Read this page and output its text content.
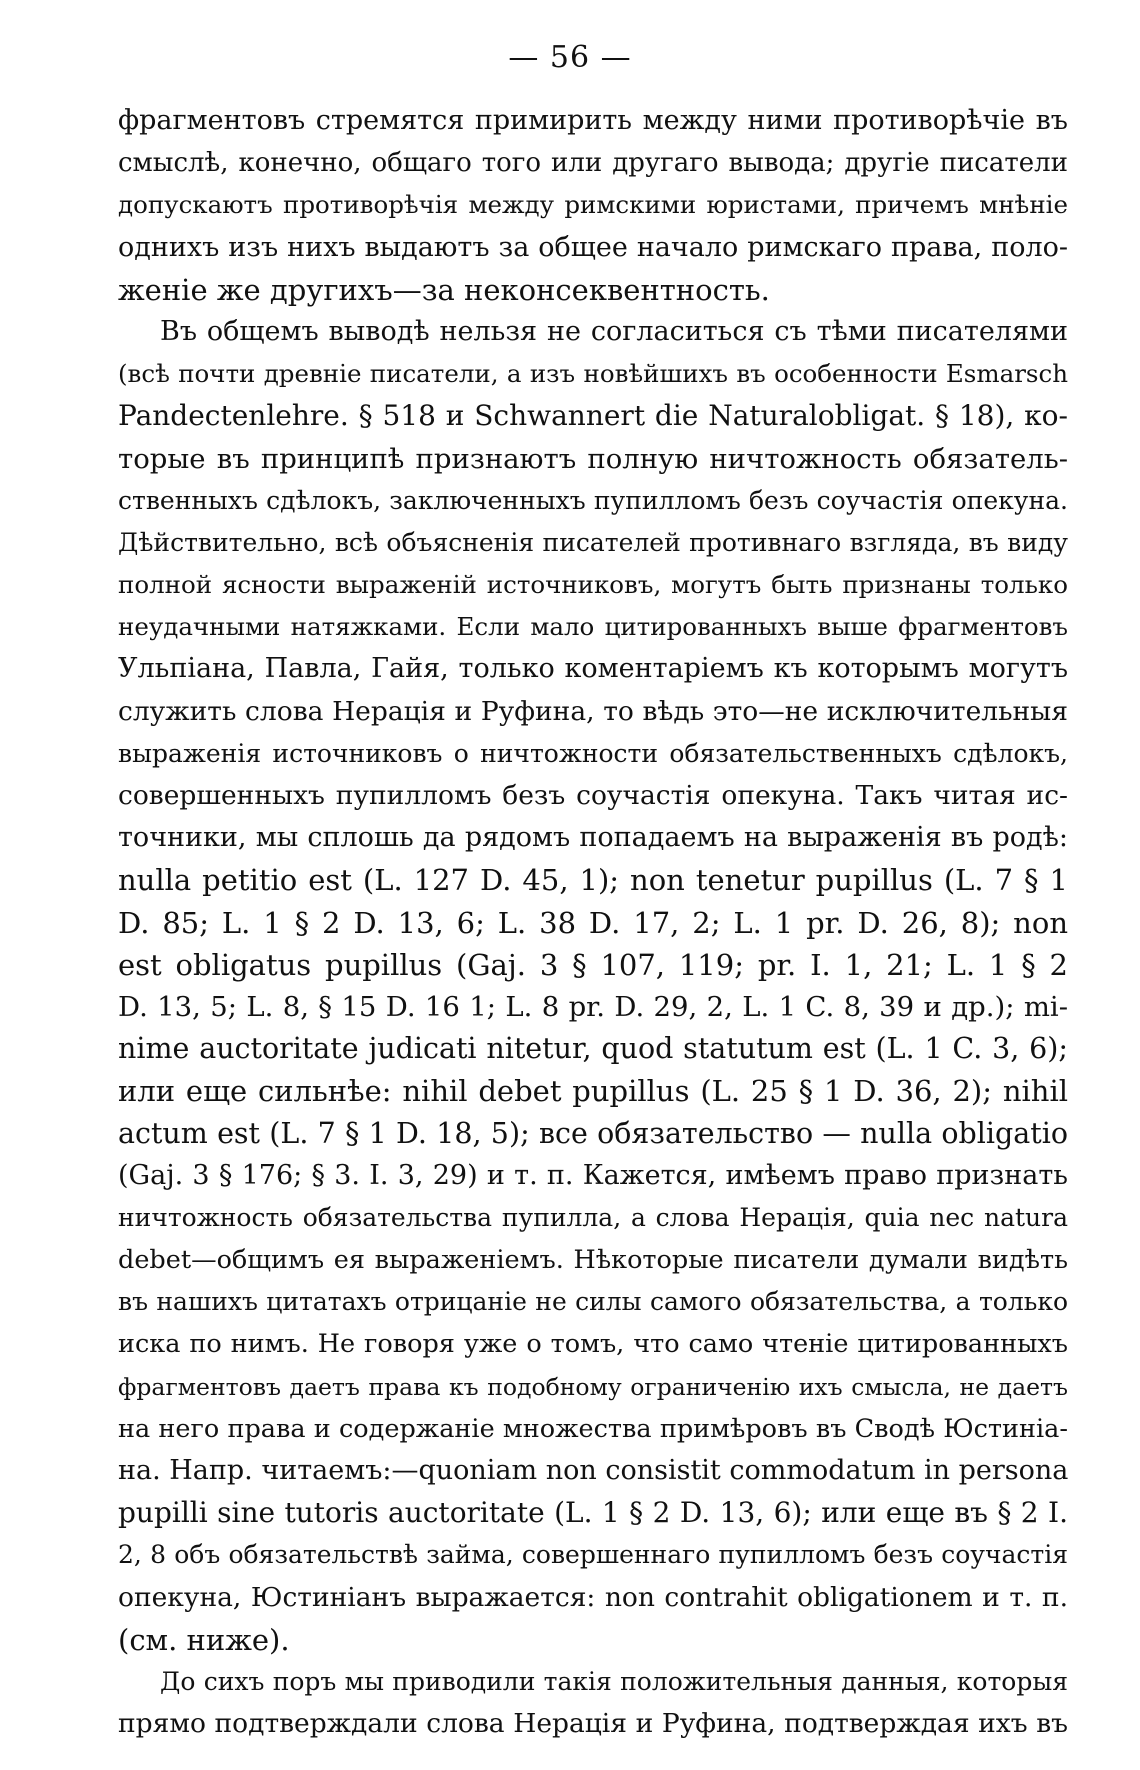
— 56 —
фрагментовъ стремятся примирить между ними противорѣчіе въ
смыслѣ, конечно, общаго того или другаго вывода; другіе писатели
допускаютъ противорѣчія между римскими юристами, причемъ мнѣніе
однихъ изъ нихъ выдаютъ за общее начало римскаго права, поло-
женіе же другихъ—за неконсеквентность.
Въ общемъ выводѣ нельзя не согласиться съ тѣми писателями
(всѣ почти древніе писатели, а изъ новѣйшихъ въ особенности Esmarsch
Pandectenlehre. § 518 и Schwannert die Naturalobligat. § 18), ко-
торые въ принципѣ признаютъ полную ничтожность обязатель-
ственныхъ сдѣлокъ, заключенныхъ пупилломъ безъ соучастія опекуна.
Дѣйствительно, всѣ объясненія писателей противнаго взгляда, въ виду
полной ясности выраженій источниковъ, могутъ быть признаны только
неудачными натяжками. Если мало цитированныхъ выше фрагментовъ
Ульпіана, Павла, Гайя, только коментаріемъ къ которымъ могутъ
служить слова Нерація и Руфина, то вѣдь это—не исключительныя
выраженія источниковъ о ничтожности обязательственныхъ сдѣлокъ,
совершенныхъ пупилломъ безъ соучастія опекуна. Такъ читая ис-
точники, мы сплошь да рядомъ попадаемъ на выраженія въ родѣ:
nulla petitio est (L. 127 D. 45, 1); non tenetur pupillus (L. 7 § 1
D. 85; L. 1 § 2 D. 13, 6; L. 38 D. 17, 2; L. 1 pr. D. 26, 8); non
est obligatus pupillus (Gaj. 3 § 107, 119; pr. I. 1, 21; L. 1 § 2
D. 13, 5; L. 8, § 15 D. 16 1; L. 8 pr. D. 29, 2, L. 1 C. 8, 39 и др.); mi-
nime auctoritate judicati nitetur, quod statutum est (L. 1 C. 3, 6);
или еще сильнѣе: nihil debet pupillus (L. 25 § 1 D. 36, 2); nihil
actum est (L. 7 § 1 D. 18, 5); все обязательство — nulla obligatio
(Gaj. 3 § 176; § 3. I. 3, 29) и т. п. Кажется, имѣемъ право признать
ничтожность обязательства пупилла, а слова Нерація, quia nec natura
debet—общимъ ея выраженіемъ. Нѣкоторые писатели думали видѣть
въ нашихъ цитатахъ отрицаніе не силы самого обязательства, а только
иска по нимъ. Не говоря уже о томъ, что само чтеніе цитированныхъ
фрагментовъ даетъ права къ подобному ограниченію ихъ смысла, не даетъ
на него права и содержаніе множества примѣровъ въ Сводѣ Юстиніа-
на. Напр. читаемъ:—quoniam non consistit commodatum in persona
pupilli sine tutoris auctoritate (L. 1 § 2 D. 13, 6); или еще въ § 2 I.
2, 8 объ обязательствѣ займа, совершеннаго пупилломъ безъ соучастія
опекуна, Юстиніанъ выражается: non contrahit obligationem и т. п.
(см. ниже).
До сихъ поръ мы приводили такія положительныя данныя, которыя
прямо подтверждали слова Нерація и Руфина, подтверждая ихъ въ
